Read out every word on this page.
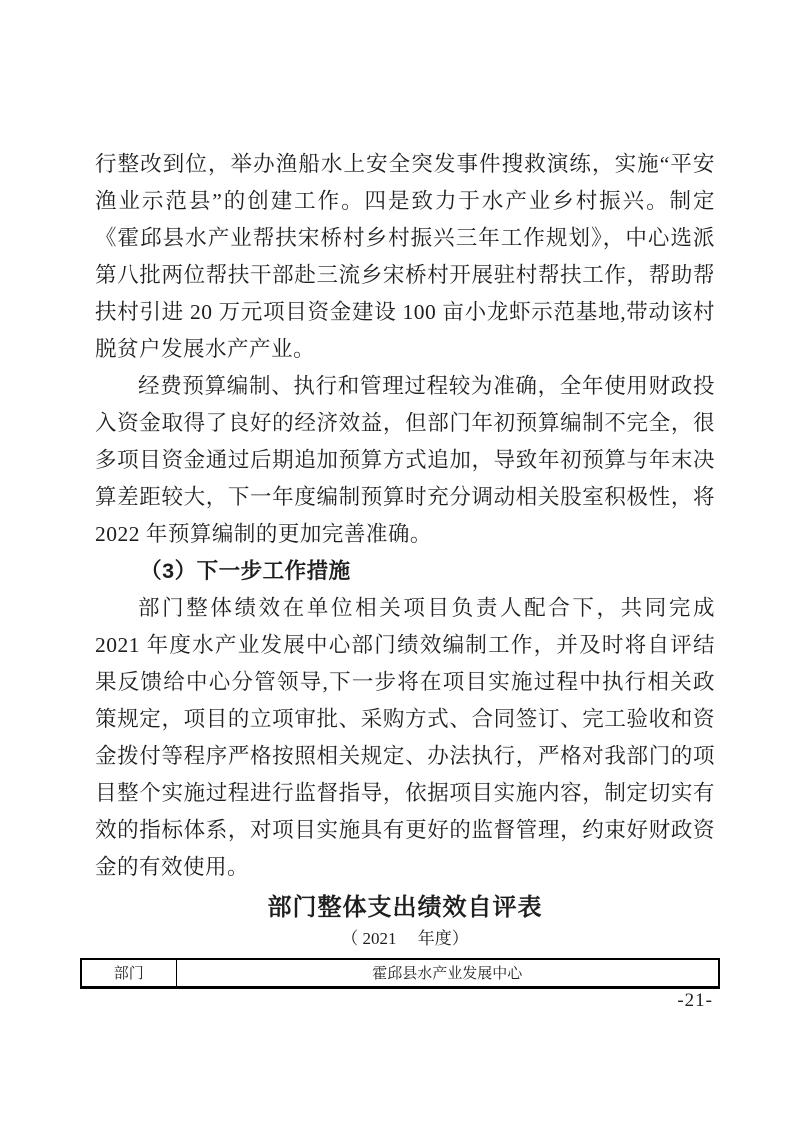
行整改到位，举办渔船水上安全突发事件搜救演练，实施“平安渔业示范县”的创建工作。四是致力于水产业乡村振兴。制定《霍邱县水产业帮扶宋桥村乡村振兴三年工作规划》，中心选派第八批两位帮扶干部赴三流乡宋桥村开展驻村帮扶工作，帮助帮扶村引进 20 万元项目资金建设 100 亩小龙虾示范基地,带动该村脱贫户发展水产产业。

经费预算编制、执行和管理过程较为准确，全年使用财政投入资金取得了良好的经济效益，但部门年初预算编制不完全，很多项目资金通过后期追加预算方式追加，导致年初预算与年末决算差距较大，下一年度编制预算时充分调动相关股室积极性，将 2022 年预算编制的更加完善准确。

（3）下一步工作措施

部门整体绩效在单位相关项目负责人配合下，共同完成 2021 年度水产业发展中心部门绩效编制工作，并及时将自评结果反馈给中心分管领导,下一步将在项目实施过程中执行相关政策规定，项目的立项审批、采购方式、合同签订、完工验收和资金拨付等程序严格按照相关规定、办法执行，严格对我部门的项目整个实施过程进行监督指导，依据项目实施内容，制定切实有效的指标体系，对项目实施具有更好的监督管理，约束好财政资金的有效使用。

部门整体支出绩效自评表
（ 2021　 年度）
部门	霍邱县水产业发展中心
-21-
